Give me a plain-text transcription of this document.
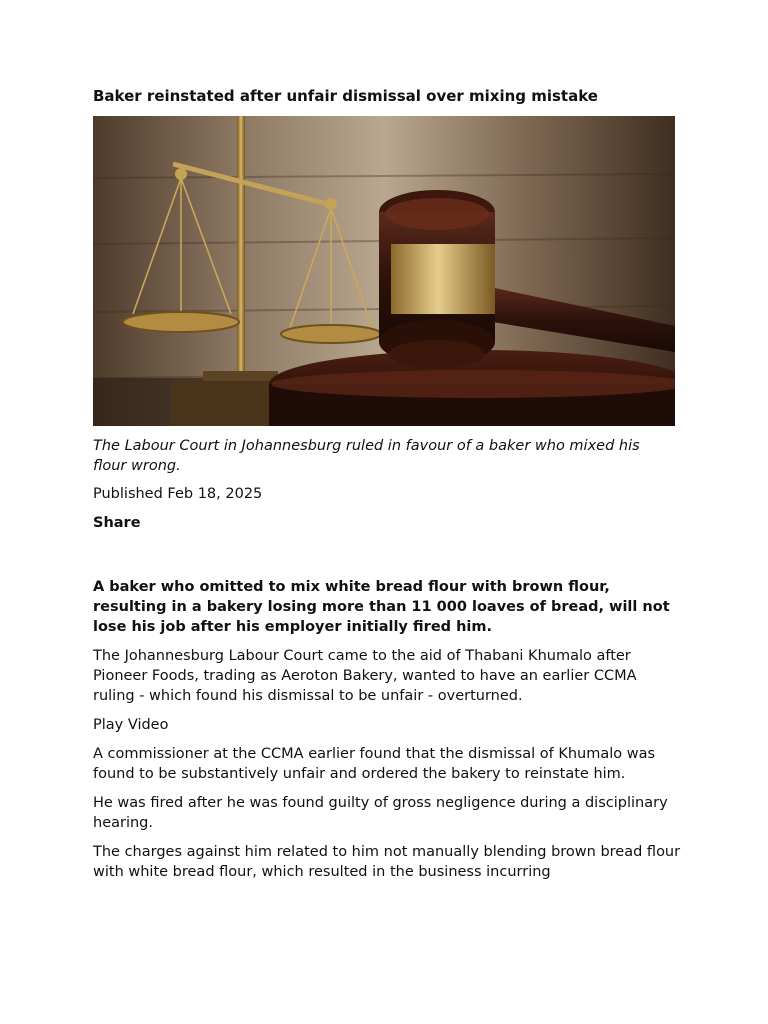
Baker reinstated after unfair dismissal over mixing mistake

The Labour Court in Johannesburg ruled in favour of a baker who mixed his flour wrong.

Published Feb 18, 2025

Share

A baker who omitted to mix white bread flour with brown flour, resulting in a bakery losing more than 11 000 loaves of bread, will not lose his job after his employer initially fired him.

The Johannesburg Labour Court came to the aid of Thabani Khumalo after Pioneer Foods, trading as Aeroton Bakery, wanted to have an earlier CCMA ruling - which found his dismissal to be unfair - overturned.

Play Video

A commissioner at the CCMA earlier found that the dismissal of Khumalo was found to be substantively unfair and ordered the bakery to reinstate him.

He was fired after he was found guilty of gross negligence during a disciplinary hearing.

The charges against him related to him not manually blending brown bread flour with white bread flour, which resulted in the business incurring
